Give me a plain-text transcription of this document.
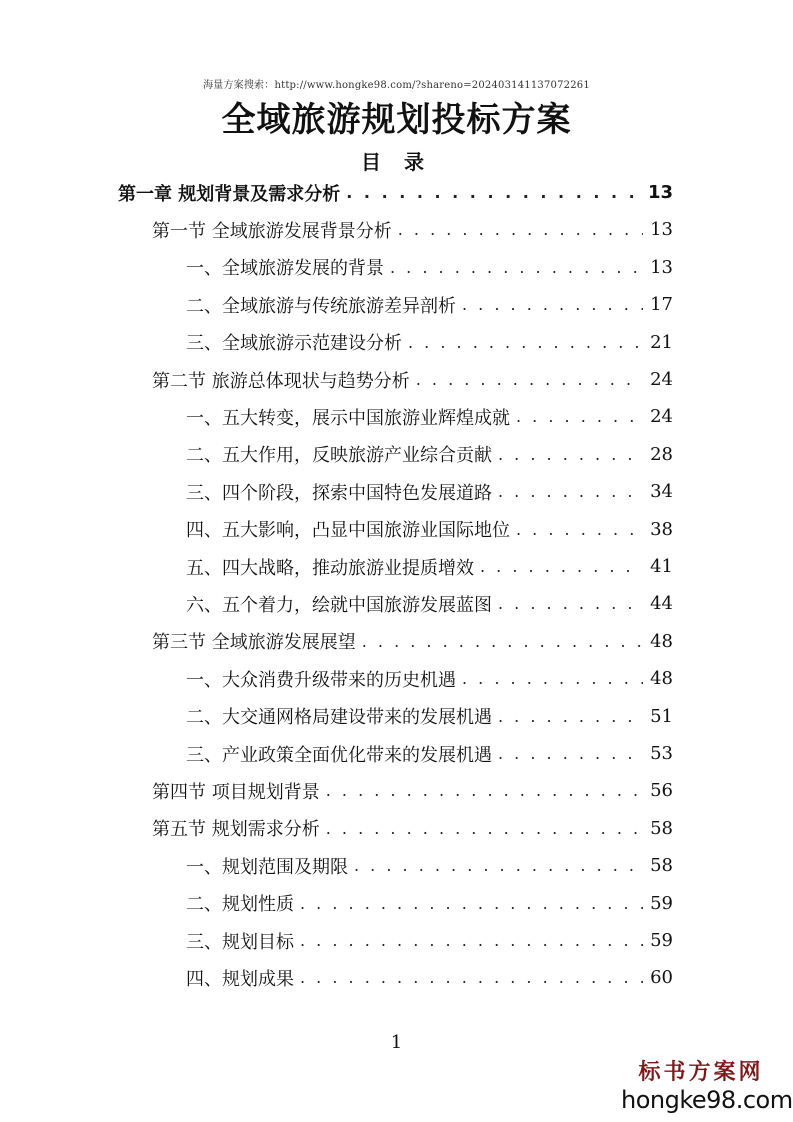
海量方案搜索：http://www.hongke98.com/?shareno=20240314113707226​1
全域旅游规划投标方案
目 录
第一章 规划背景及需求分析 . . .	13
第一节 全域旅游发展背景分析 . . .	13
一、全域旅游发展的背景 . . .	13
二、全域旅游与传统旅游差异剖析 . . .	17
三、全域旅游示范建设分析 . . .	21
第二节 旅游总体现状与趋势分析 . . .	24
一、五大转变，展示中国旅游业辉煌成就 . . .	24
二、五大作用，反映旅游产业综合贡献 . . .	28
三、四个阶段，探索中国特色发展道路 . . .	34
四、五大影响，凸显中国旅游业国际地位 . . .	38
五、四大战略，推动旅游业提质增效 . . .	41
六、五个着力，绘就中国旅游发展蓝图 . . .	44
第三节 全域旅游发展展望 . . .	48
一、大众消费升级带来的历史机遇 . . .	48
二、大交通网格局建设带来的发展机遇 . . .	51
三、产业政策全面优化带来的发展机遇 . . .	53
第四节 项目规划背景 . . .	56
第五节 规划需求分析 . . .	58
一、规划范围及期限 . . .	58
二、规划性质 . . .	59
三、规划目标 . . .	59
四、规划成果 . . .	60
1
标书方案网
hongke98.com
